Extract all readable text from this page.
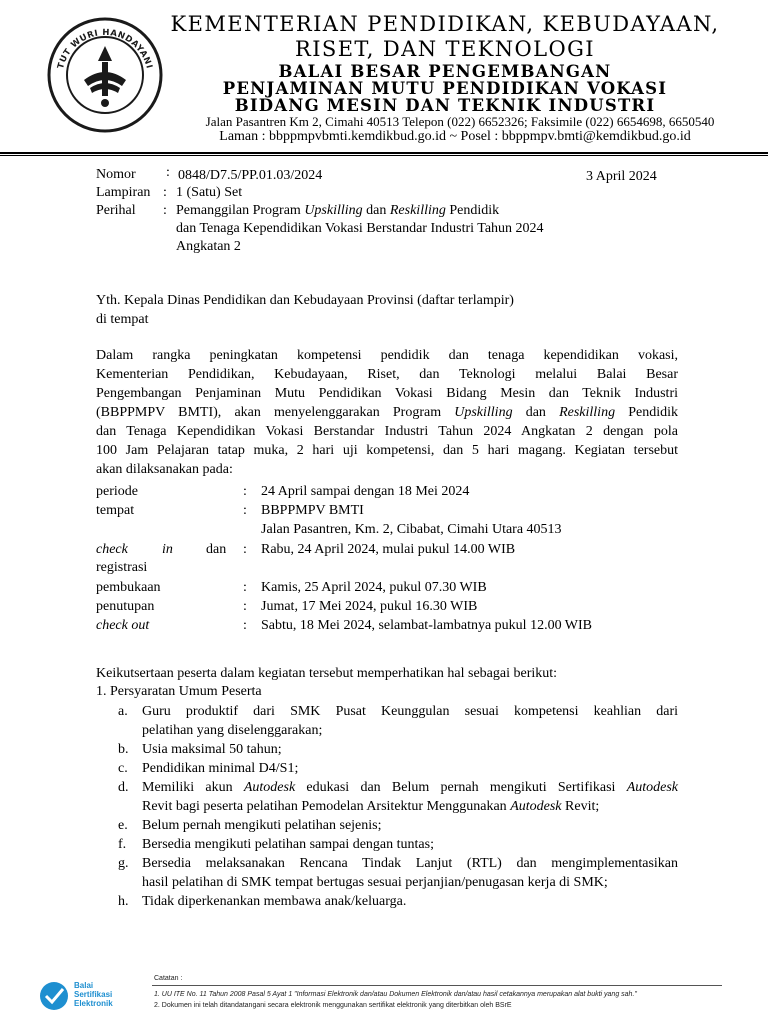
TUT WURI HANDAYANI
KEMENTERIAN PENDIDIKAN, KEBUDAYAAN,
RISET, DAN TEKNOLOGI
BALAI BESAR PENGEMBANGAN
PENJAMINAN MUTU PENDIDIKAN VOKASI
BIDANG MESIN DAN TEKNIK INDUSTRI
Jalan Pasantren Km 2, Cimahi 40513 Telepon (022) 6652326; Faksimile (022) 6654698, 6650540
Laman : bbppmpvbmti.kemdikbud.go.id ~ Posel : bbppmpv.bmti@kemdikbud.go.id
Nomor : 0848/D7.5/PP.01.03/2024	3 April 2024
Lampiran : 1 (Satu) Set
Perihal : Pemanggilan Program Upskilling dan Reskilling Pendidik
dan Tenaga Kependidikan Vokasi Berstandar Industri Tahun 2024
Angkatan 2
Yth. Kepala Dinas Pendidikan dan Kebudayaan Provinsi (daftar terlampir)
di tempat
Dalam rangka peningkatan kompetensi pendidik dan tenaga kependidikan vokasi,
Kementerian Pendidikan, Kebudayaan, Riset, dan Teknologi melalui Balai Besar
Pengembangan Penjaminan Mutu Pendidikan Vokasi Bidang Mesin dan Teknik Industri
(BBPPMPV BMTI), akan menyelenggarakan Program Upskilling dan Reskilling Pendidik
dan Tenaga Kependidikan Vokasi Berstandar Industri Tahun 2024 Angkatan 2 dengan pola
100 Jam Pelajaran tatap muka, 2 hari uji kompetensi, dan 5 hari magang. Kegiatan tersebut
akan dilaksanakan pada:
periode	: 24 April sampai dengan 18 Mei 2024
tempat	: BBPPMPV BMTI
Jalan Pasantren, Km. 2, Cibabat, Cimahi Utara 40513
check in dan : Rabu, 24 April 2024, mulai pukul 14.00 WIB
registrasi
pembukaan	: Kamis, 25 April 2024, pukul 07.30 WIB
penutupan	: Jumat, 17 Mei 2024, pukul 16.30 WIB
check out	: Sabtu, 18 Mei 2024, selambat-lambatnya pukul 12.00 WIB
Keikutsertaan peserta dalam kegiatan tersebut memperhatikan hal sebagai berikut:
1. Persyaratan Umum Peserta
a. Guru produktif dari SMK Pusat Keunggulan sesuai kompetensi keahlian dari
pelatihan yang diselenggarakan;
b. Usia maksimal 50 tahun;
c. Pendidikan minimal D4/S1;
d. Memiliki akun Autodesk edukasi dan Belum pernah mengikuti Sertifikasi Autodesk
Revit bagi peserta pelatihan Pemodelan Arsitektur Menggunakan Autodesk Revit;
e. Belum pernah mengikuti pelatihan sejenis;
f. Bersedia mengikuti pelatihan sampai dengan tuntas;
g. Bersedia melaksanakan Rencana Tindak Lanjut (RTL) dan mengimplementasikan
hasil pelatihan di SMK tempat bertugas sesuai perjanjian/penugasan kerja di SMK;
h. Tidak diperkenankan membawa anak/keluarga.
Balai
Sertifikasi
Elektronik
Catatan :
1. UU ITE No. 11 Tahun 2008 Pasal 5 Ayat 1 "Informasi Elektronik dan/atau Dokumen Elektronik dan/atau hasil cetakannya merupakan alat bukti yang sah."
2. Dokumen ini telah ditandatangani secara elektronik menggunakan sertifikat elektronik yang diterbitkan oleh BSrE
